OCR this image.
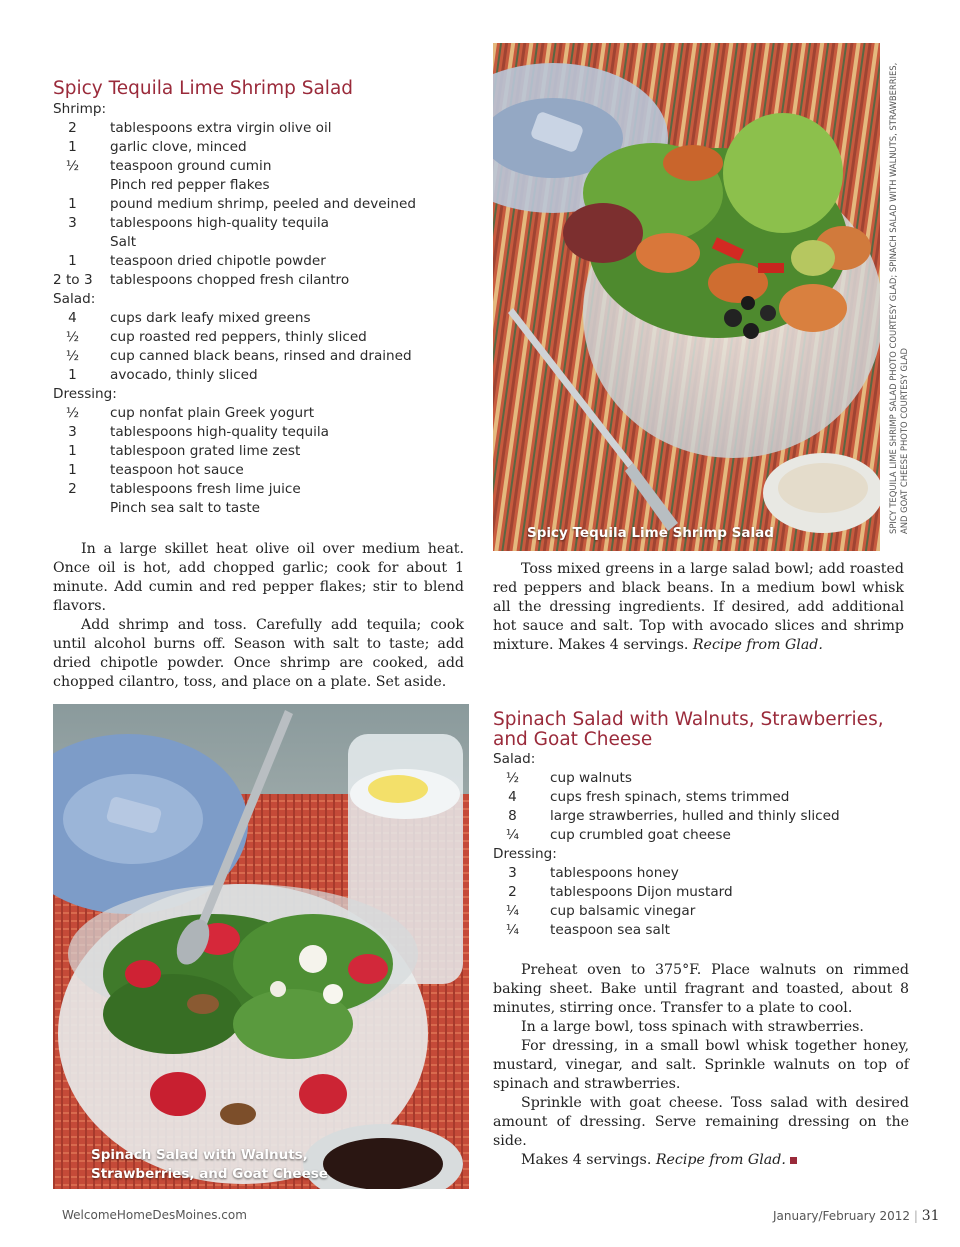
Spicy Tequila Lime Shrimp Salad
Shrimp:
2	tablespoons extra virgin olive oil
1	garlic clove, minced
½	teaspoon ground cumin
Pinch red pepper flakes
1	pound medium shrimp, peeled and deveined
3	tablespoons high-quality tequila
Salt
1	teaspoon dried chipotle powder
2 to 3	tablespoons chopped fresh cilantro
Salad:
4	cups dark leafy mixed greens
½	cup roasted red peppers, thinly sliced
½	cup canned black beans, rinsed and drained
1	avocado, thinly sliced
Dressing:
½	cup nonfat plain Greek yogurt
3	tablespoons high-quality tequila
1	tablespoon grated lime zest
1	teaspoon hot sauce
2	tablespoons fresh lime juice
Pinch sea salt to taste

In a large skillet heat olive oil over medium heat. Once oil is hot, add chopped garlic; cook for about 1 minute. Add cumin and red pepper flakes; stir to blend flavors.

Add shrimp and toss. Carefully add tequila; cook until alcohol burns off. Season with salt to taste; add dried chipotle powder. Once shrimp are cooked, add chopped cilantro, toss, and place on a plate. Set aside.

Spicy Tequila Lime Shrimp Salad	SPICY TEQUILA LIME SHRIMP SALAD PHOTO COURTESY GLAD; SPINACH SALAD WITH WALNUTS, STRAWBERRIES, AND GOAT CHEESE PHOTO COURTESY GLAD

Toss mixed greens in a large salad bowl; add roasted red peppers and black beans. In a medium bowl whisk all the dressing ingredients. If desired, add additional hot sauce and salt. Top with avocado slices and shrimp mixture. Makes 4 servings. Recipe from Glad.

Spinach Salad with Walnuts,
Strawberries, and Goat Cheese
Spinach Salad with Walnuts, Strawberries,
and Goat Cheese
Salad:
½	cup walnuts
4	cups fresh spinach, stems trimmed
8	large strawberries, hulled and thinly sliced
¼	cup crumbled goat cheese
Dressing:
3	tablespoons honey
2	tablespoons Dijon mustard
¼	cup balsamic vinegar
¼	teaspoon sea salt

Preheat oven to 375°F. Place walnuts on rimmed baking sheet. Bake until fragrant and toasted, about 8 minutes, stirring once. Transfer to a plate to cool.

In a large bowl, toss spinach with strawberries.

For dressing, in a small bowl whisk together honey, mustard, vinegar, and salt. Sprinkle walnuts on top of spinach and strawberries.

Sprinkle with goat cheese. Toss salad with desired amount of dressing. Serve remaining dressing on the side.

Makes 4 servings. Recipe from Glad.

WelcomeHomeDesMoines.com	January/February 2012 | 31
